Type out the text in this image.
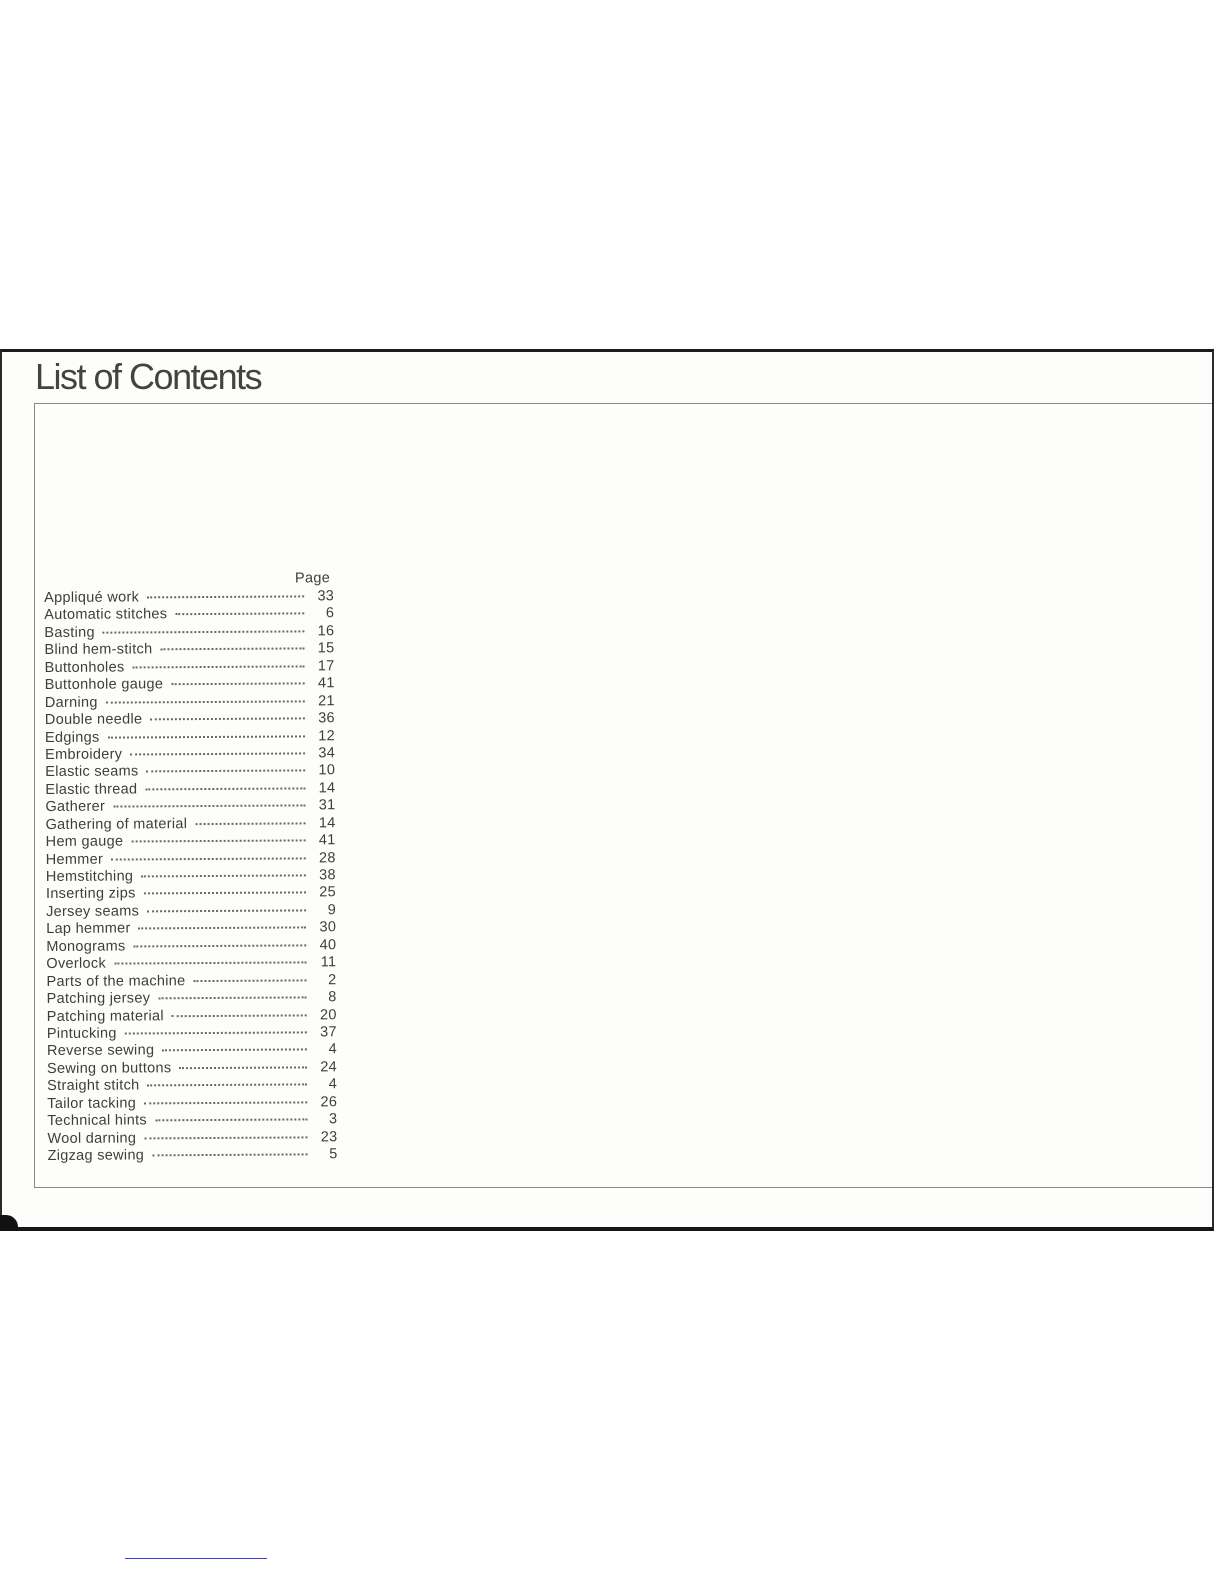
List of Contents
Page
Appliqué work	33
Automatic stitches	6
Basting	16
Blind hem-stitch	15
Buttonholes	17
Buttonhole gauge	41
Darning	21
Double needle	36
Edgings	12
Embroidery	34
Elastic seams	10
Elastic thread	14
Gatherer	31
Gathering of material	14
Hem gauge	41
Hemmer	28
Hemstitching	38
Inserting zips	25
Jersey seams	9
Lap hemmer	30
Monograms	40
Overlock	11
Parts of the machine	2
Patching jersey	8
Patching material	20
Pintucking	37
Reverse sewing	4
Sewing on buttons	24
Straight stitch	4
Tailor tacking	26
Technical hints	3
Wool darning	23
Zigzag sewing	5
